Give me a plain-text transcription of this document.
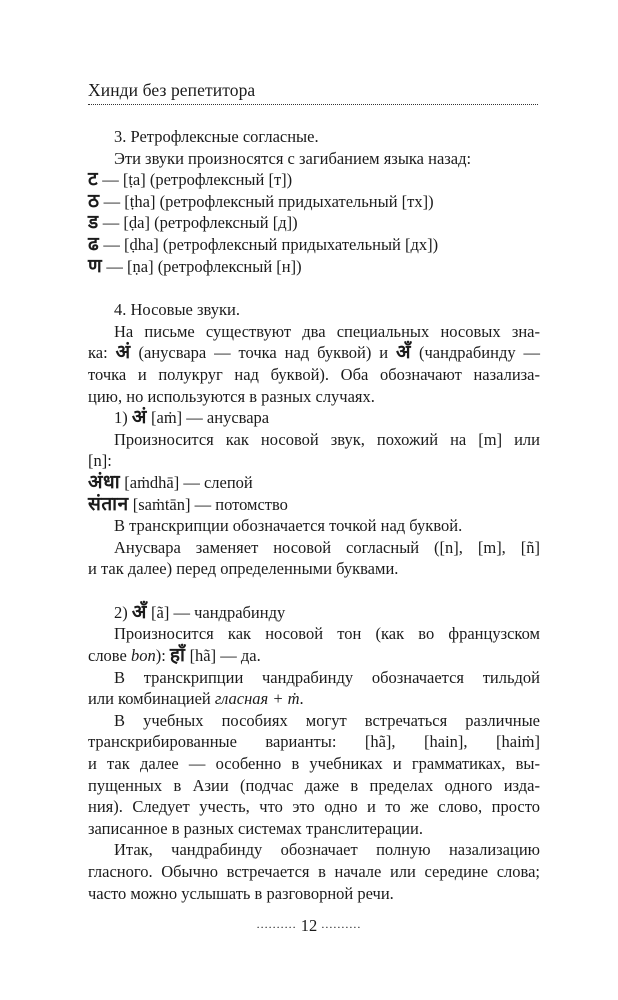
Хинди без репетитора
3. Ретрофлексные согласные.
Эти звуки произносятся с загибанием языка назад:
ट — [ṭa] (ретрофлексный [т])
ठ — [ṭha] (ретрофлексный придыхательный [тх])
ड — [ḍa] (ретрофлексный [д])
ढ — [ḍha] (ретрофлексный придыхательный [дх])
ण — [ṇa] (ретрофлексный [н])
4. Носовые звуки.
На письме существуют два специальных носовых зна-
ка: अं (анусвара — точка над буквой) и अँ (чандрабинду —
точка и полукруг над буквой). Оба обозначают назализа-
цию, но используются в разных случаях.
1) अं [aṁ] — анусвара
Произносится как носовой звук, похожий на [m] или
[n]:
अंधा [aṁdhā] — слепой
संतान [saṁtān] — потомство
В транскрипции обозначается точкой над буквой.
Анусвара заменяет носовой согласный ([n], [m], [ñ]
и так далее) перед определенными буквами.
2) अँ [ã] — чандрабинду
Произносится как носовой тон (как во французском
слове bon): हाँ [hã] — да.
В транскрипции чандрабинду обозначается тильдой
или комбинацией гласная + ṁ.
В учебных пособиях могут встречаться различные
транскрибированные варианты: [hã], [hain], [haiṁ]
и так далее — особенно в учебниках и грамматиках, вы-
пущенных в Азии (подчас даже в пределах одного изда-
ния). Следует учесть, что это одно и то же слово, просто
записанное в разных системах транслитерации.
Итак, чандрабинду обозначает полную назализацию
гласного. Обычно встречается в начале или середине слова;
часто можно услышать в разговорной речи.
.......... 12 ..........
